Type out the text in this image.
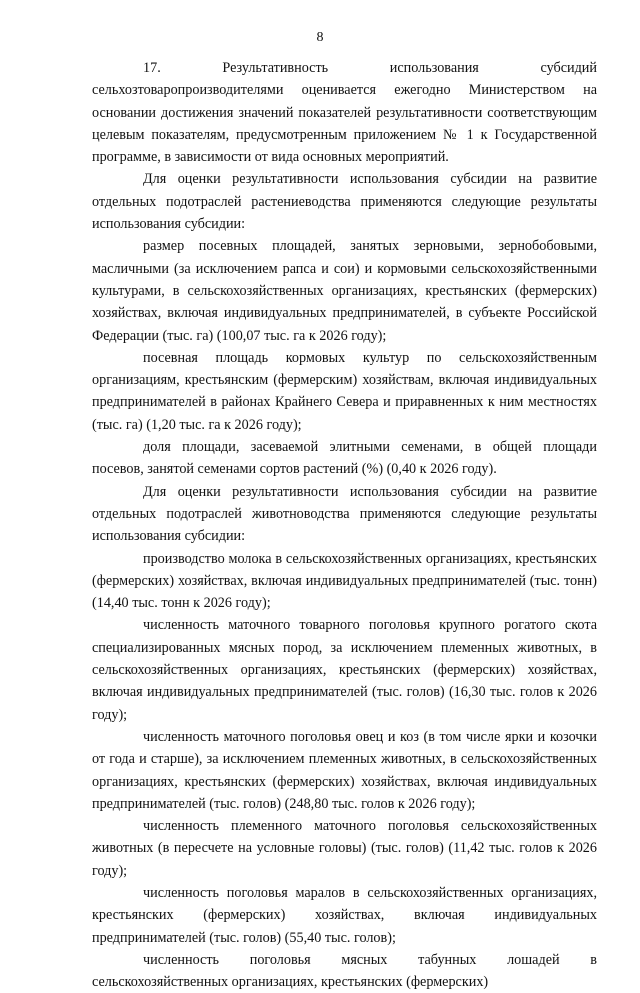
8

17. Результативность использования субсидий сельхозтоваропроизводителями оценивается ежегодно Министерством на основании достижения значений показателей результативности соответствующим целевым показателям, предусмотренным приложением № 1 к Государственной программе, в зависимости от вида основных мероприятий.

Для оценки результативности использования субсидии на развитие отдельных подотраслей растениеводства применяются следующие результаты использования субсидии:

размер посевных площадей, занятых зерновыми, зернобобовыми, масличными (за исключением рапса и сои) и кормовыми сельскохозяйственными культурами, в сельскохозяйственных организациях, крестьянских (фермерских) хозяйствах, включая индивидуальных предпринимателей, в субъекте Российской Федерации (тыс. га) (100,07 тыс. га к 2026 году);

посевная площадь кормовых культур по сельскохозяйственным организациям, крестьянским (фермерским) хозяйствам, включая индивидуальных предпринимателей в районах Крайнего Севера и приравненных к ним местностях (тыс. га) (1,20 тыс. га к 2026 году);

доля площади, засеваемой элитными семенами, в общей площади посевов, занятой семенами сортов растений (%) (0,40 к 2026 году).

Для оценки результативности использования субсидии на развитие отдельных подотраслей животноводства применяются следующие результаты использования субсидии:

производство молока в сельскохозяйственных организациях, крестьянских (фермерских) хозяйствах, включая индивидуальных предпринимателей (тыс. тонн) (14,40 тыс. тонн к 2026 году);

численность маточного товарного поголовья крупного рогатого скота специализированных мясных пород, за исключением племенных животных, в сельскохозяйственных организациях, крестьянских (фермерских) хозяйствах, включая индивидуальных предпринимателей (тыс. голов) (16,30 тыс. голов к 2026 году);

численность маточного поголовья овец и коз (в том числе ярки и козочки от года и старше), за исключением племенных животных, в сельскохозяйственных организациях, крестьянских (фермерских) хозяйствах, включая индивидуальных предпринимателей (тыс. голов) (248,80 тыс. голов к 2026 году);

численность племенного маточного поголовья сельскохозяйственных животных (в пересчете на условные головы) (тыс. голов) (11,42 тыс. голов к 2026 году);

численность поголовья маралов в сельскохозяйственных организациях, крестьянских (фермерских) хозяйствах, включая индивидуальных предпринимателей (тыс. голов) (55,40 тыс. голов);

численность поголовья мясных табунных лошадей в сельскохозяйственных организациях, крестьянских (фермерских)
